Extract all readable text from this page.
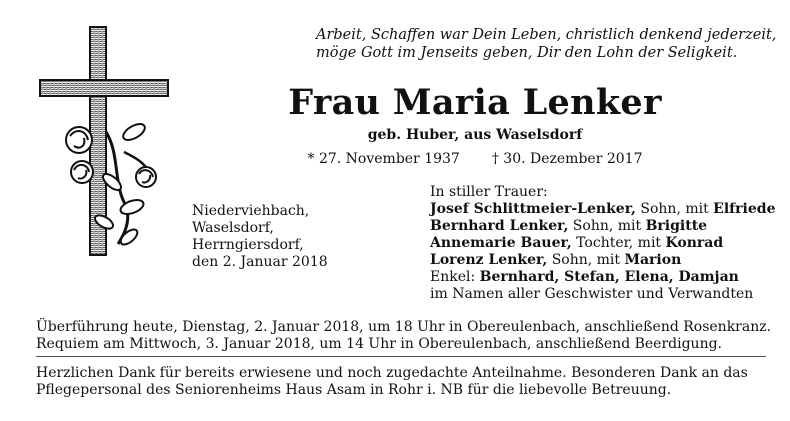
Arbeit, Schaffen war Dein Leben, christlich denkend jederzeit,
möge Gott im Jenseits geben, Dir den Lohn der Seligkeit.
Frau Maria Lenker
geb. Huber, aus Waselsdorf
* 27. November 1937 † 30. Dezember 2017
Niederviehbach,
Waselsdorf,
Herrngiersdorf,
den 2. Januar 2018
In stiller Trauer:
Josef Schlittmeier-Lenker, Sohn, mit Elfriede
Bernhard Lenker, Sohn, mit Brigitte
Annemarie Bauer, Tochter, mit Konrad
Lorenz Lenker, Sohn, mit Marion
Enkel: Bernhard, Stefan, Elena, Damjan
im Namen aller Geschwister und Verwandten
Überführung heute, Dienstag, 2. Januar 2018, um 18 Uhr in Obereulenbach, anschließend Rosenkranz.
Requiem am Mittwoch, 3. Januar 2018, um 14 Uhr in Obereulenbach, anschließend Beerdigung.
Herzlichen Dank für bereits erwiesene und noch zugedachte Anteilnahme. Besonderen Dank an das
Pflegepersonal des Seniorenheims Haus Asam in Rohr i. NB für die liebevolle Betreuung.
